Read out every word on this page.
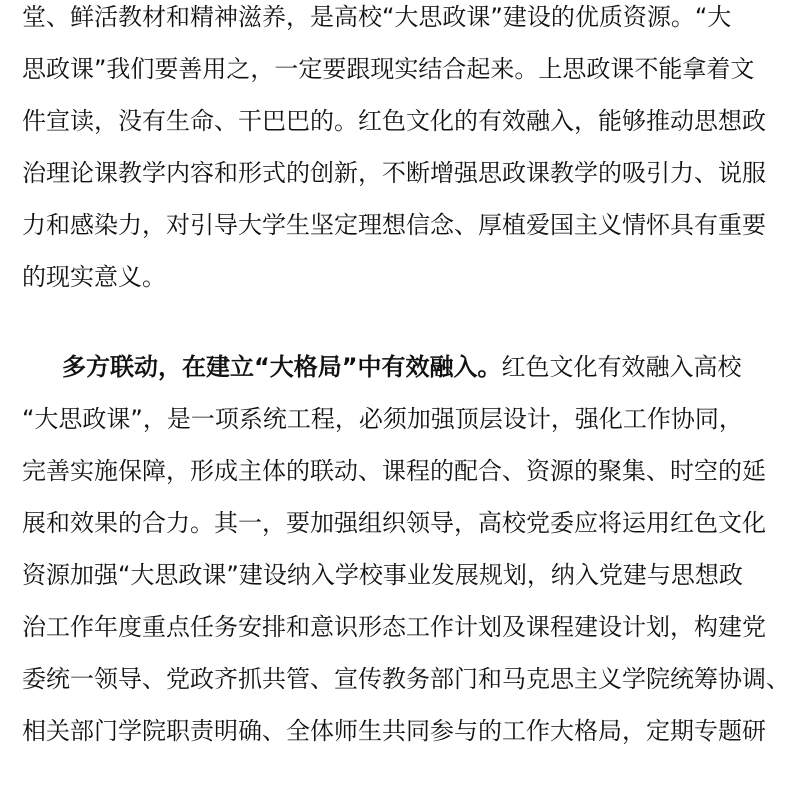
堂、鲜活教材和精神滋养，是高校“大思政课”建设的优质资源。“大
思政课”我们要善用之，一定要跟现实结合起来。上思政课不能拿着文
件宣读，没有生命、干巴巴的。红色文化的有效融入，能够推动思想政
治理论课教学内容和形式的创新，不断增强思政课教学的吸引力、说服
力和感染力，对引导大学生坚定理想信念、厚植爱国主义情怀具有重要
的现实意义。
多方联动，在建立“大格局”中有效融入。红色文化有效融入高校
“大思政课”，是一项系统工程，必须加强顶层设计，强化工作协同，
完善实施保障，形成主体的联动、课程的配合、资源的聚集、时空的延
展和效果的合力。其一，要加强组织领导，高校党委应将运用红色文化
资源加强“大思政课”建设纳入学校事业发展规划，纳入党建与思想政
治工作年度重点任务安排和意识形态工作计划及课程建设计划，构建党
委统一领导、党政齐抓共管、宣传教务部门和马克思主义学院统筹协调、
相关部门学院职责明确、全体师生共同参与的工作大格局，定期专题研
